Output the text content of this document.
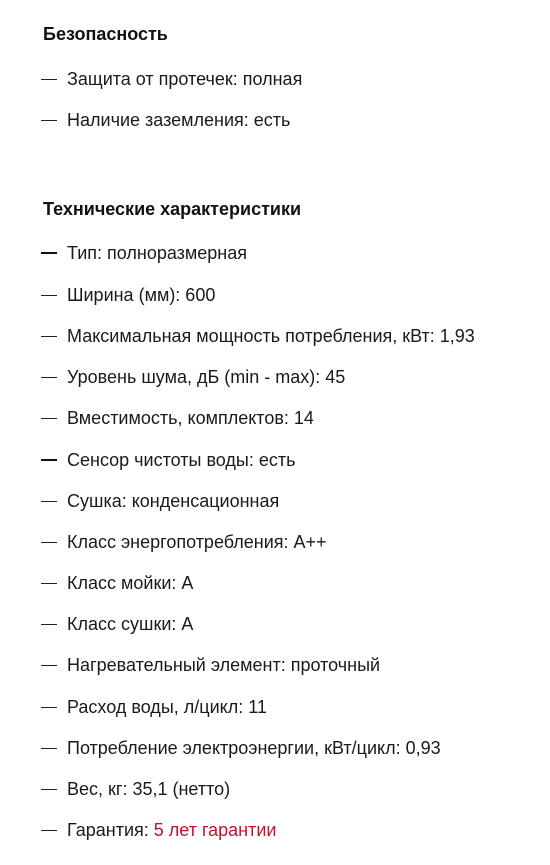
Безопасность
Защита от протечек: полная
Наличие заземления: есть
Технические характеристики
Тип: полноразмерная
Ширина (мм): 600
Максимальная мощность потребления, кВт: 1,93
Уровень шума, дБ (min - max): 45
Вместимость, комплектов: 14
Сенсор чистоты воды: есть
Сушка: конденсационная
Класс энергопотребления: A++
Класс мойки: A
Класс сушки: A
Нагревательный элемент: проточный
Расход воды, л/цикл: 11
Потребление электроэнергии, кВт/цикл: 0,93
Вес, кг: 35,1 (нетто)
Гарантия: 5 лет гарантии
